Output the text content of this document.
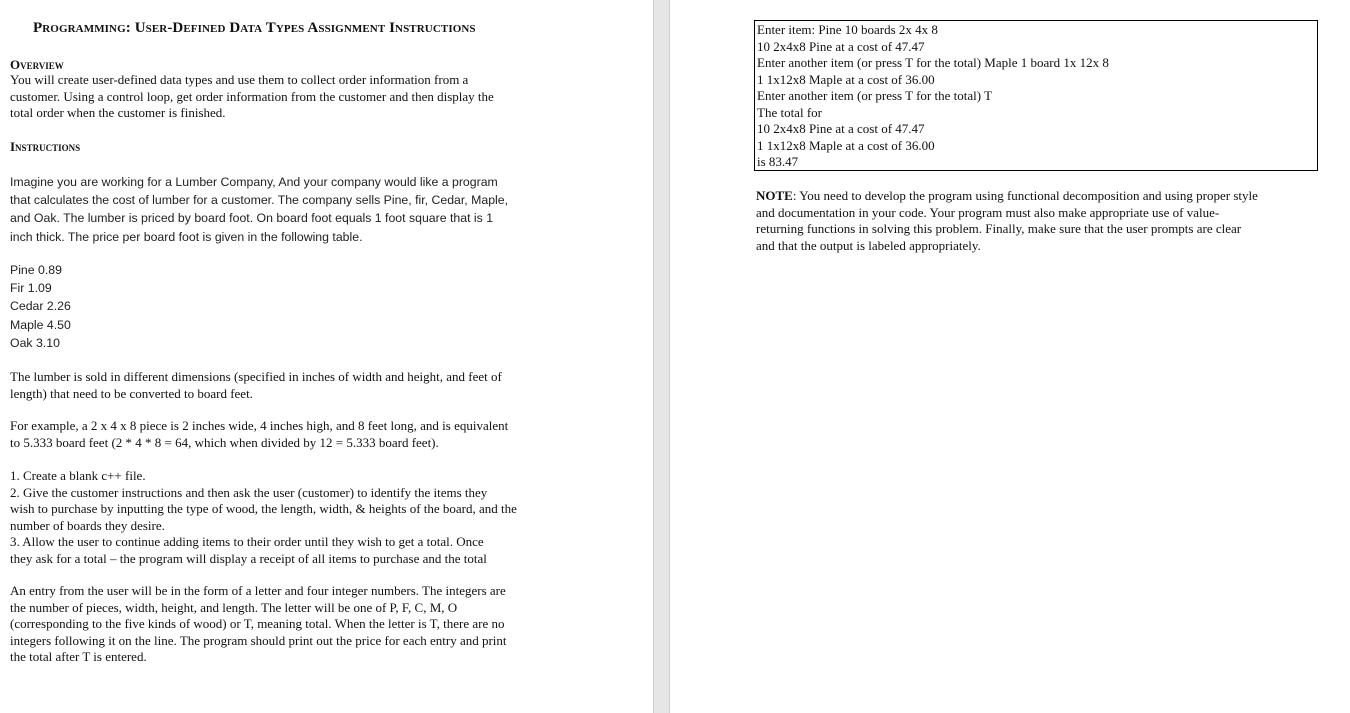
Programming: User-Defined Data Types Assignment Instructions
Overview
You will create user-defined data types and use them to collect order information from a
customer. Using a control loop, get order information from the customer and then display the
total order when the customer is finished.
Instructions
Imagine you are working for a Lumber Company, And your company would like a program
that calculates the cost of lumber for a customer. The company sells Pine, fir, Cedar, Maple,
and Oak. The lumber is priced by board foot. On board foot equals 1 foot square that is 1
inch thick. The price per board foot is given in the following table.
Pine 0.89
Fir 1.09
Cedar 2.26
Maple 4.50
Oak 3.10
The lumber is sold in different dimensions (specified in inches of width and height, and feet of
length) that need to be converted to board feet.
For example, a 2 x 4 x 8 piece is 2 inches wide, 4 inches high, and 8 feet long, and is equivalent
to 5.333 board feet (2 * 4 * 8 = 64, which when divided by 12 = 5.333 board feet).
1. Create a blank c++ file.
2. Give the customer instructions and then ask the user (customer) to identify the items they
wish to purchase by inputting the type of wood, the length, width, & heights of the board, and the
number of boards they desire.
3. Allow the user to continue adding items to their order until they wish to get a total. Once
they ask for a total – the program will display a receipt of all items to purchase and the total
An entry from the user will be in the form of a letter and four integer numbers. The integers are
the number of pieces, width, height, and length. The letter will be one of P, F, C, M, O
(corresponding to the five kinds of wood) or T, meaning total. When the letter is T, there are no
integers following it on the line. The program should print out the price for each entry and print
the total after T is entered.
Enter item: Pine 10 boards 2x 4x 8
10 2x4x8 Pine at a cost of 47.47
Enter another item (or press T for the total) Maple 1 board 1x 12x 8
1 1x12x8 Maple at a cost of 36.00
Enter another item (or press T for the total) T
The total for
10 2x4x8 Pine at a cost of 47.47
1 1x12x8 Maple at a cost of 36.00
is 83.47
NOTE: You need to develop the program using functional decomposition and using proper style
and documentation in your code. Your program must also make appropriate use of value-
returning functions in solving this problem. Finally, make sure that the user prompts are clear
and that the output is labeled appropriately.
